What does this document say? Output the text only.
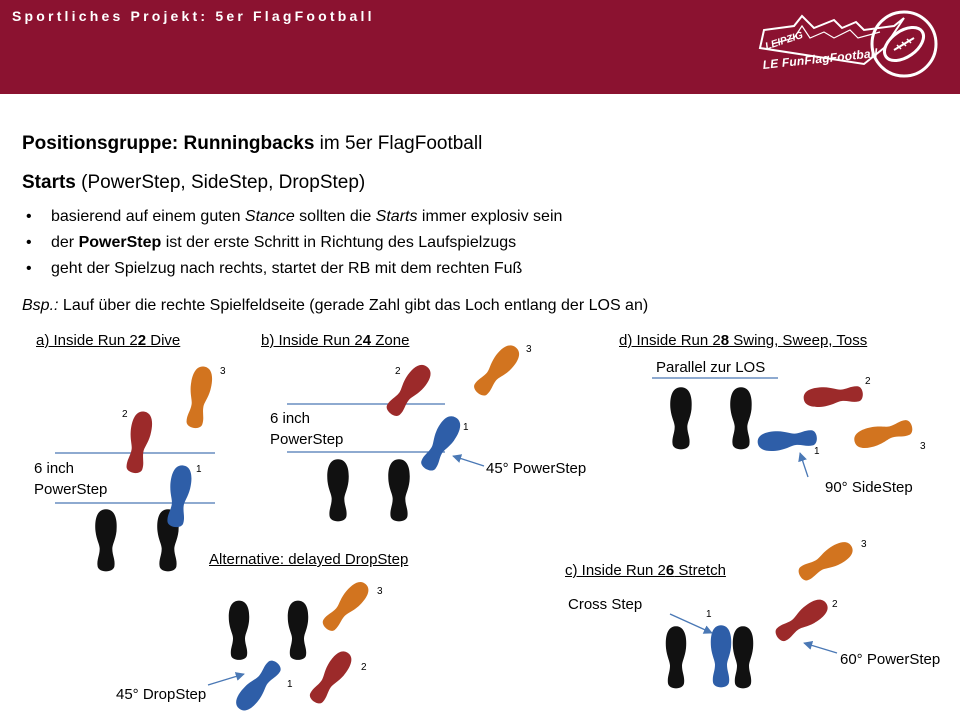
Sportliches Projekt: 5er FlagFootball
LEIPZIG
LE FunFlagFootball
Positionsgruppe: Runningbacks im 5er FlagFootball
Starts (PowerStep, SideStep, DropStep)
• basierend auf einem guten Stance sollten die Starts immer explosiv sein
• der PowerStep ist der erste Schritt in Richtung des Laufspielzugs
• geht der Spielzug nach rechts, startet der RB mit dem rechten Fuß
Bsp.: Lauf über die rechte Spielfeldseite (gerade Zahl gibt das Loch entlang der LOS an)
a) Inside Run 22 Dive	b) Inside Run 24 Zone	d) Inside Run 28 Swing, Sweep, Toss
Alternative: delayed DropStep
c) Inside Run 26 Stretch
6 inch
PowerStep
1
2
3
6 inch
PowerStep
45° PowerStep
1
2
3
Parallel zur LOS
90° SideStep
1
2
3
45° DropStep
1
2
3
Cross Step
60° PowerStep
1
2
3
